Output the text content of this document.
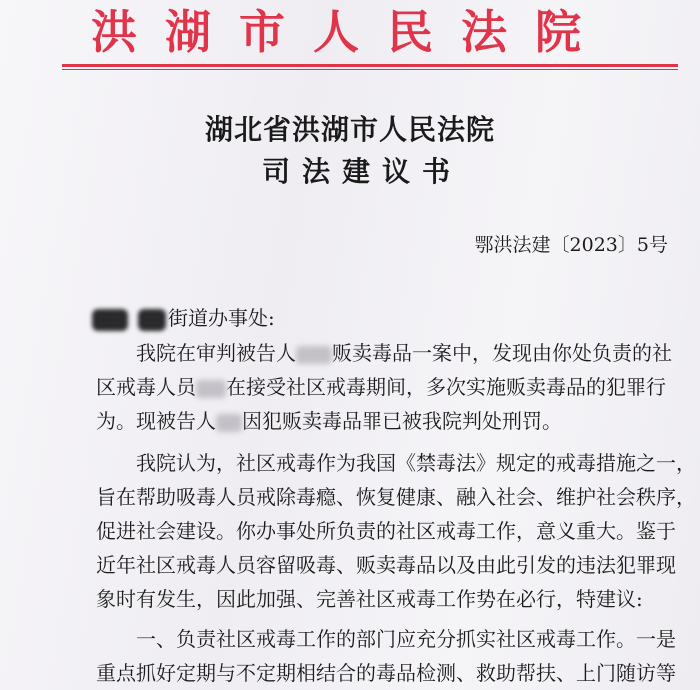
洪湖市人民法院
湖北省洪湖市人民法院
司法建议书
鄂洪法建〔2023〕5号
街道办事处:
我院在审判被告人 贩卖毒品一案中，发现由你处负责的社
区戒毒人员 在接受社区戒毒期间，多次实施贩卖毒品的犯罪行
为。现被告人 因犯贩卖毒品罪已被我院判处刑罚。
我院认为，社区戒毒作为我国《禁毒法》规定的戒毒措施之一，
旨在帮助吸毒人员戒除毒瘾、恢复健康、融入社会、维护社会秩序，
促进社会建设。你办事处所负责的社区戒毒工作，意义重大。鉴于
近年社区戒毒人员容留吸毒、贩卖毒品以及由此引发的违法犯罪现
象时有发生，因此加强、完善社区戒毒工作势在必行，特建议:
一、负责社区戒毒工作的部门应充分抓实社区戒毒工作。一是
重点抓好定期与不定期相结合的毒品检测、救助帮扶、上门随访等
